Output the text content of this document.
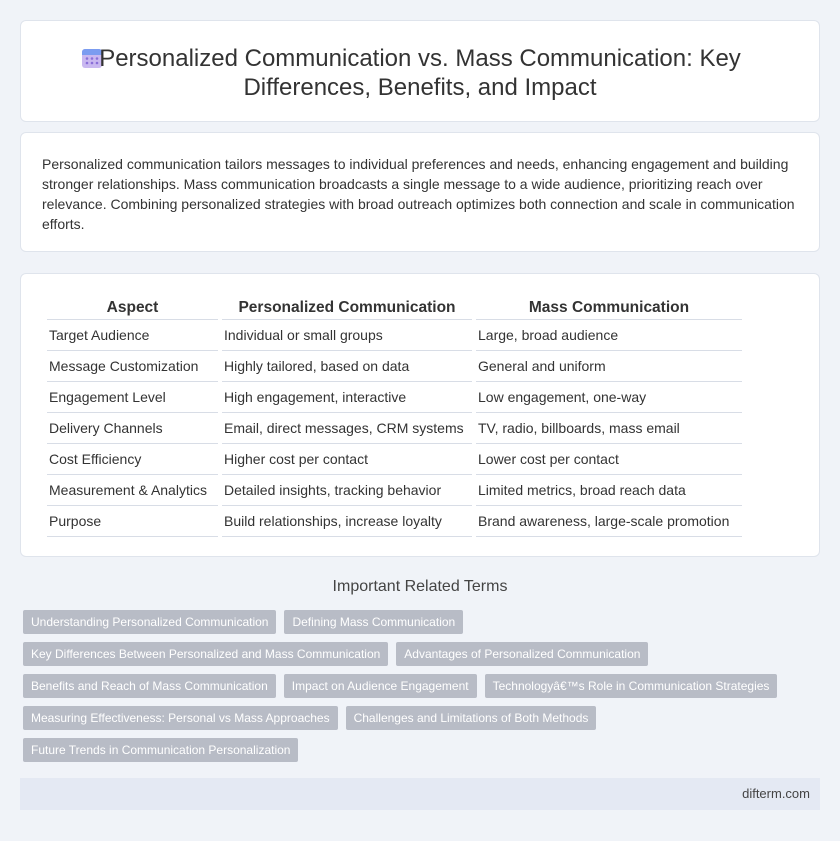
Personalized Communication vs. Mass Communication: Key
Differences, Benefits, and Impact

Personalized communication tailors messages to individual preferences and needs, enhancing engagement and building stronger relationships. Mass communication broadcasts a single message to a wide audience, prioritizing reach over relevance. Combining personalized strategies with broad outreach optimizes both connection and scale in communication efforts.

Aspect	Personalized Communication	Mass Communication
Target Audience	Individual or small groups	Large, broad audience
Message Customization	Highly tailored, based on data	General and uniform
Engagement Level	High engagement, interactive	Low engagement, one-way
Delivery Channels	Email, direct messages, CRM systems	TV, radio, billboards, mass email
Cost Efficiency	Higher cost per contact	Lower cost per contact
Measurement & Analytics	Detailed insights, tracking behavior	Limited metrics, broad reach data
Purpose	Build relationships, increase loyalty	Brand awareness, large-scale promotion
Important Related Terms
Understanding Personalized Communication	Defining Mass Communication
Key Differences Between Personalized and Mass Communication	Advantages of Personalized Communication
Benefits and Reach of Mass Communication	Impact on Audience Engagement	Technologyâ€™s Role in Communication Strategies
Measuring Effectiveness: Personal vs Mass Approaches	Challenges and Limitations of Both Methods
Future Trends in Communication Personalization
difterm.com
